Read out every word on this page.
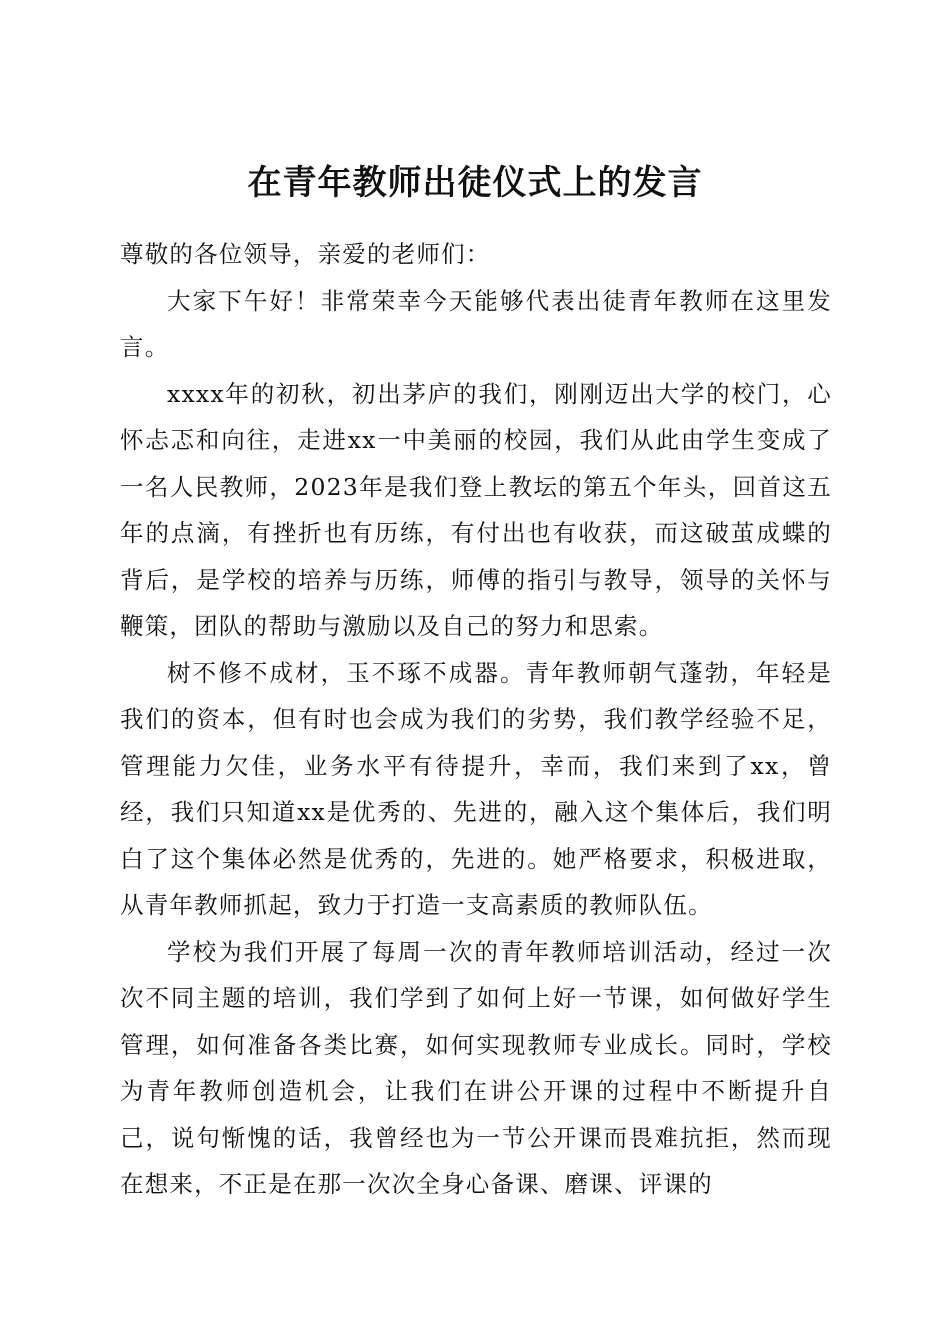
在青年教师出徒仪式上的发言

尊敬的各位领导，亲爱的老师们：

大家下午好！非常荣幸今天能够代表出徒青年教师在这里发言。

xxxx年的初秋，初出茅庐的我们，刚刚迈出大学的校门，心怀忐忑和向往，走进xx一中美丽的校园，我们从此由学生变成了一名人民教师，2023年是我们登上教坛的第五个年头，回首这五年的点滴，有挫折也有历练，有付出也有收获，而这破茧成蝶的背后，是学校的培养与历练，师傅的指引与教导，领导的关怀与鞭策，团队的帮助与激励以及自己的努力和思索。

树不修不成材，玉不琢不成器。青年教师朝气蓬勃，年轻是我们的资本，但有时也会成为我们的劣势，我们教学经验不足，管理能力欠佳，业务水平有待提升，幸而，我们来到了xx，曾经，我们只知道xx是优秀的、先进的，融入这个集体后，我们明白了这个集体必然是优秀的，先进的。她严格要求，积极进取，从青年教师抓起，致力于打造一支高素质的教师队伍。

学校为我们开展了每周一次的青年教师培训活动，经过一次次不同主题的培训，我们学到了如何上好一节课，如何做好学生管理，如何准备各类比赛，如何实现教师专业成长。同时，学校为青年教师创造机会，让我们在讲公开课的过程中不断提升自己，说句惭愧的话，我曾经也为一节公开课而畏难抗拒，然而现在想来，不正是在那一次次全身心备课、磨课、评课的
